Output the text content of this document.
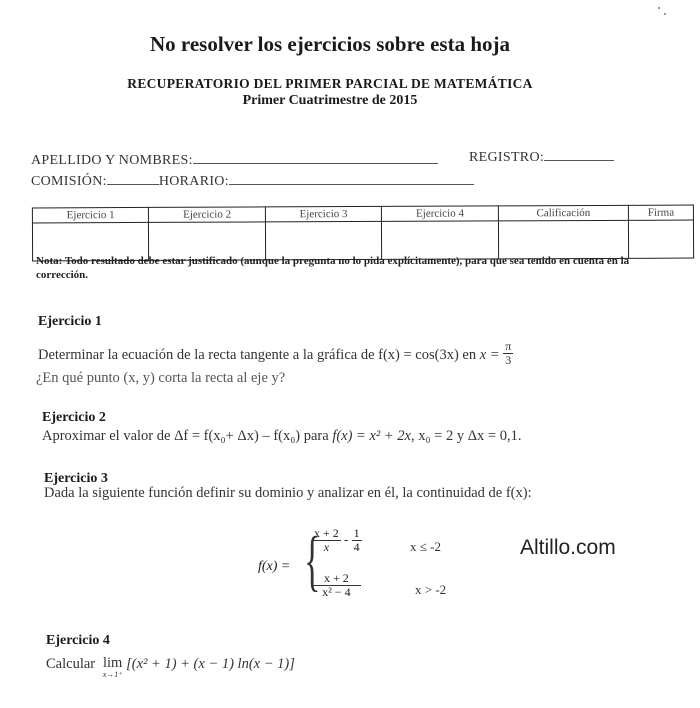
No resolver los ejercicios sobre esta hoja
RECUPERATORIO DEL PRIMER PARCIAL DE MATEMÁTICA
Primer Cuatrimestre de 2015
APELLIDO Y NOMBRES:	REGISTRO:
COMISIÓN:	HORARIO:
Ejercicio 1	Ejercicio 2	Ejercicio 3	Ejercicio 4	Calificación	Firma

Nota: Todo resultado debe estar justificado (aunque la pregunta no lo pida explícitamente), para que sea tenido en cuenta en la corrección.
Ejercicio 1
Determinar la ecuación de la recta tangente a la gráfica de f(x) = cos(3x) en $x = \frac{\pi}{3}$
¿En qué punto (x, y) corta la recta al eje y?
Ejercicio 2
Aproximar el valor de Δf = f(x₀+ Δx) – f(x₀) para f(x) = x² + 2x, x₀ = 2 y Δx = 0,1.
Ejercicio 3
Dada la siguiente función definir su dominio y analizar en él, la continuidad de f(x):
f(x) = {
$\frac{x + 2}{x} - \frac{1}{4}$	x ≤ -2
$\frac{x + 2}{\text{x² − 4}}$	x > -2
Altillo.com
Ejercicio 4
Calcular lim
x→1⁺
[(x² + 1) + (x − 1) ln(x − 1)]
